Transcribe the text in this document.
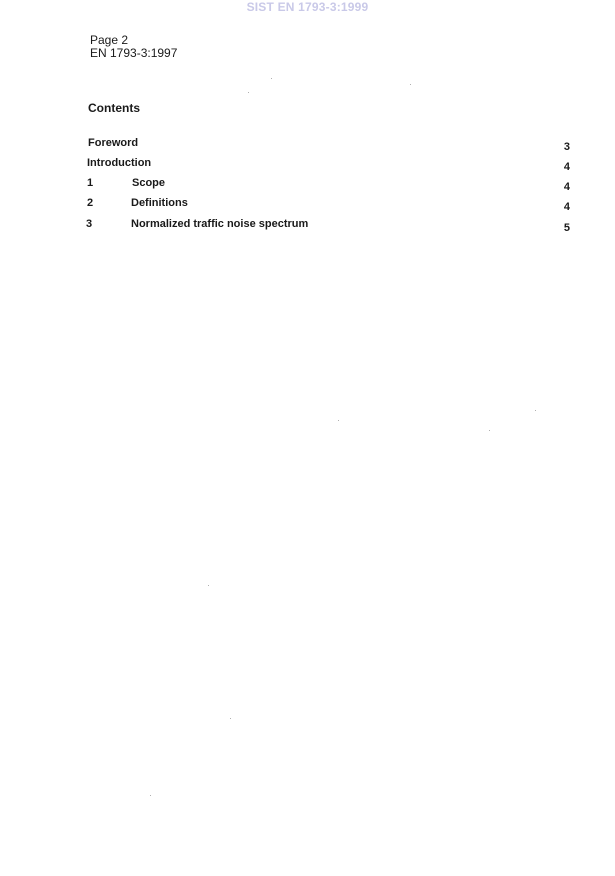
SIST EN 1793-3:1999
Page 2
EN 1793-3:1997
Contents
Foreword	3
Introduction	4
1	Scope	4
2	Definitions	4
3	Normalized traffic noise spectrum	5
